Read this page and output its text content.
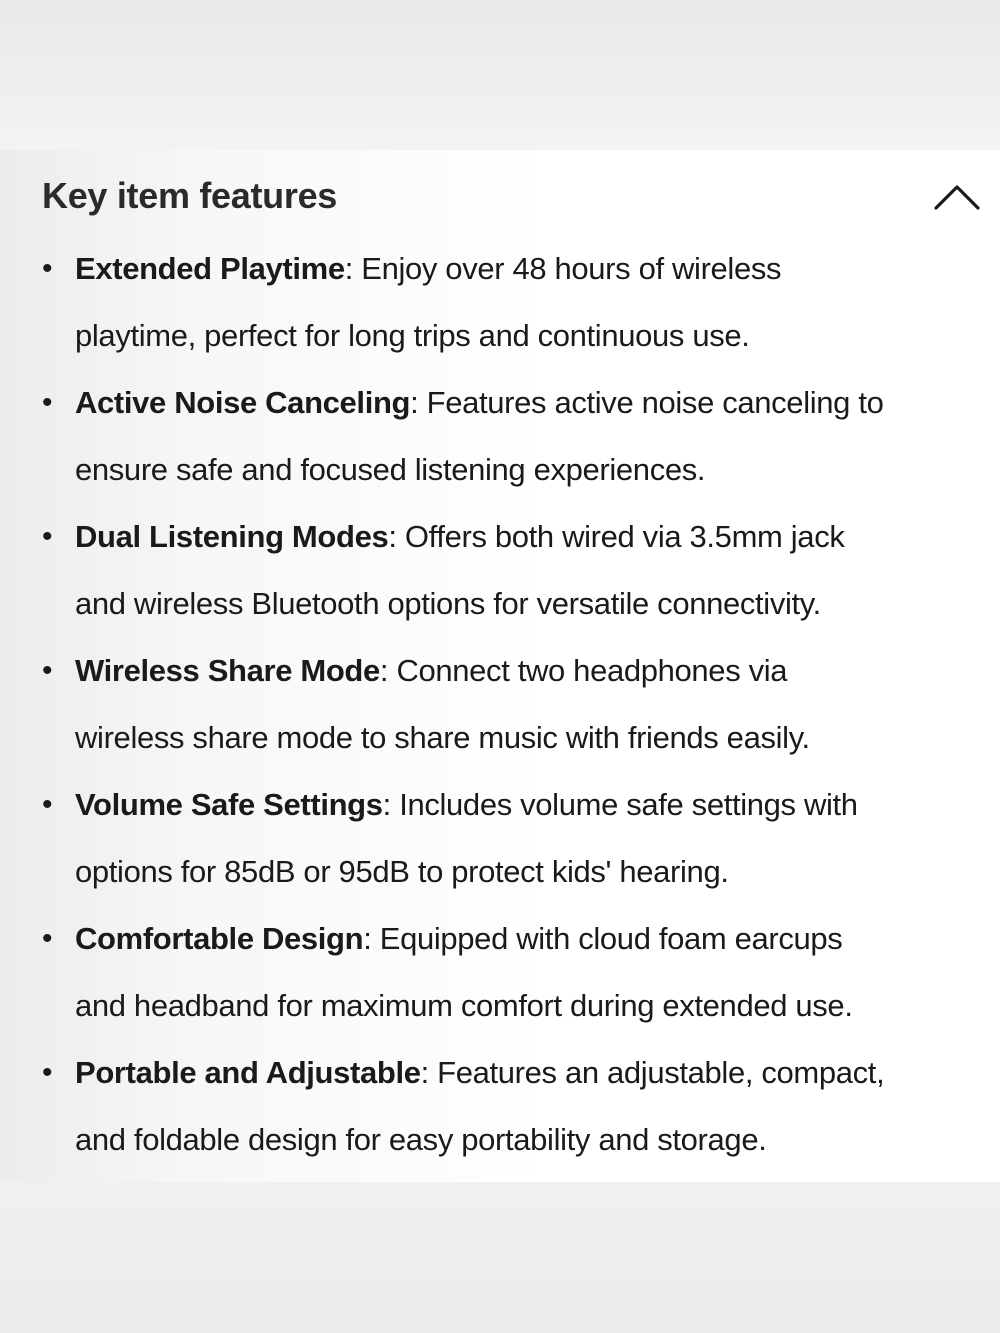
Key item features
• Extended Playtime: Enjoy over 48 hours of wireless
playtime, perfect for long trips and continuous use.
• Active Noise Canceling: Features active noise canceling to
ensure safe and focused listening experiences.
• Dual Listening Modes: Offers both wired via 3.5mm jack
and wireless Bluetooth options for versatile connectivity.
• Wireless Share Mode: Connect two headphones via
wireless share mode to share music with friends easily.
• Volume Safe Settings: Includes volume safe settings with
options for 85dB or 95dB to protect kids' hearing.
• Comfortable Design: Equipped with cloud foam earcups
and headband for maximum comfort during extended use.
• Portable and Adjustable: Features an adjustable, compact,
and foldable design for easy portability and storage.
